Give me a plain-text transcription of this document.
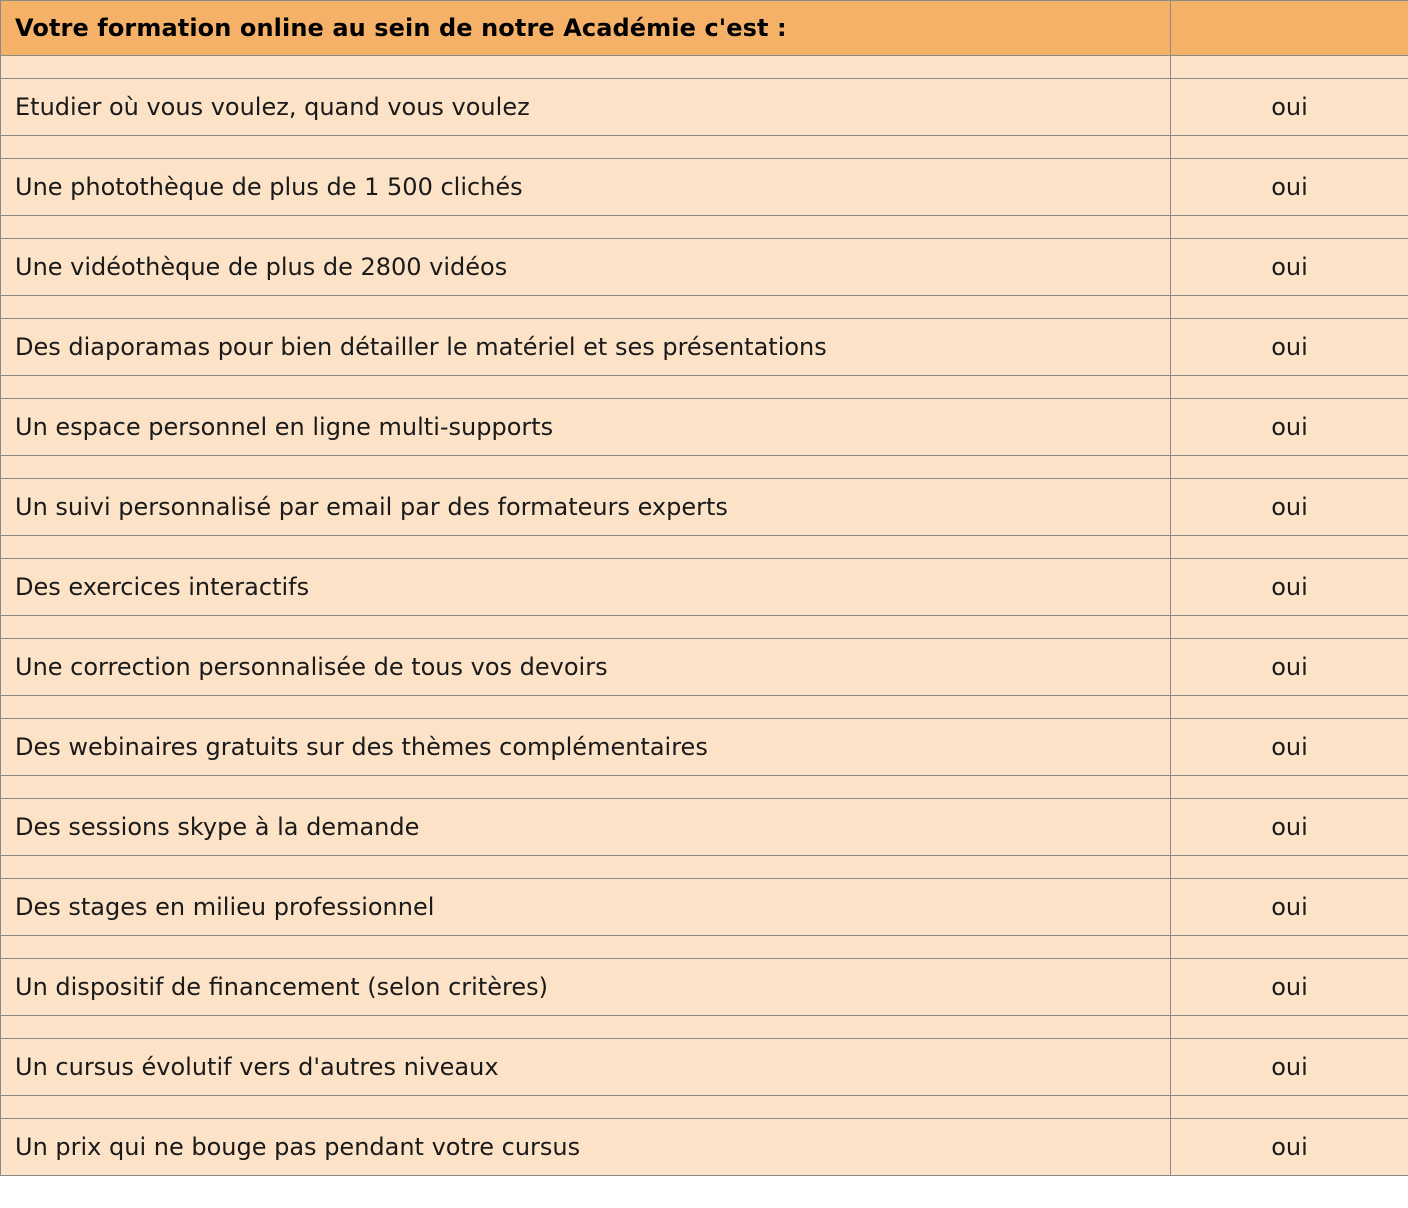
Votre formation online au sein de notre Académie c'est :	

Etudier où vous voulez, quand vous voulez	oui

Une photothèque de plus de 1 500 clichés	oui

Une vidéothèque de plus de 2800 vidéos	oui

Des diaporamas pour bien détailler le matériel et ses présentations	oui

Un espace personnel en ligne multi-supports	oui

Un suivi personnalisé par email par des formateurs experts	oui

Des exercices interactifs	oui

Une correction personnalisée de tous vos devoirs	oui

Des webinaires gratuits sur des thèmes complémentaires	oui

Des sessions skype à la demande	oui

Des stages en milieu professionnel	oui

Un dispositif de financement (selon critères)	oui

Un cursus évolutif vers d'autres niveaux	oui

Un prix qui ne bouge pas pendant votre cursus	oui
